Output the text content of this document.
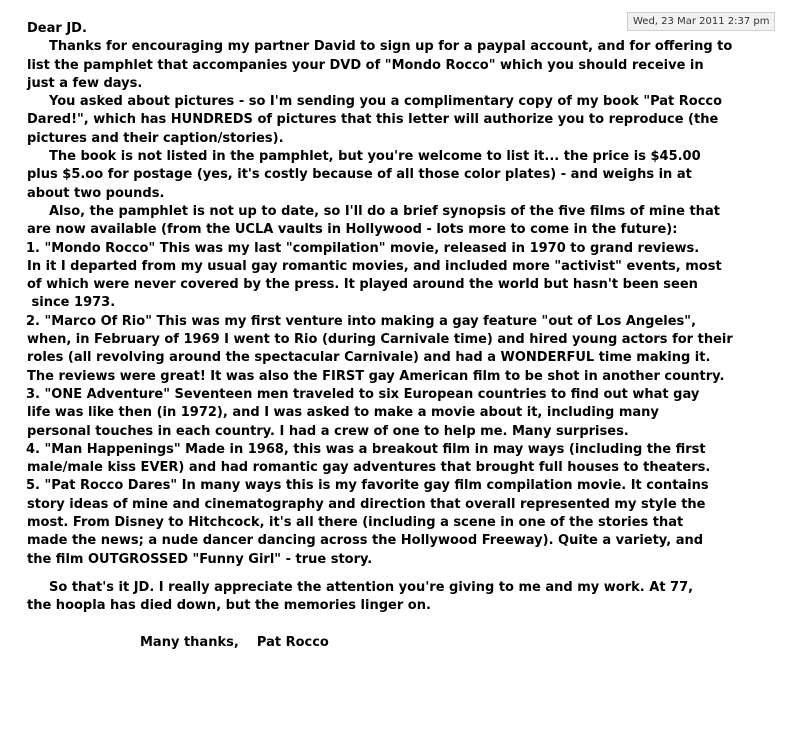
Wed, 23 Mar 2011 2:37 pm
Dear JD.
Thanks for encouraging my partner David to sign up for a paypal account, and for offering to
list the pamphlet that accompanies your DVD of "Mondo Rocco" which you should receive in
just a few days.
You asked about pictures - so I'm sending you a complimentary copy of my book "Pat Rocco
Dared!", which has HUNDREDS of pictures that this letter will authorize you to reproduce (the
pictures and their caption/stories).
The book is not listed in the pamphlet, but you're welcome to list it... the price is $45.00
plus $5.oo for postage (yes, it's costly because of all those color plates) - and weighs in at
about two pounds.
Also, the pamphlet is not up to date, so I'll do a brief synopsis of the five films of mine that
are now available (from the UCLA vaults in Hollywood - lots more to come in the future):
1. "Mondo Rocco" This was my last "compilation" movie, released in 1970 to grand reviews.
In it I departed from my usual gay romantic movies, and included more "activist" events, most
of which were never covered by the press. It played around the world but hasn't been seen
since 1973.
2. "Marco Of Rio" This was my first venture into making a gay feature "out of Los Angeles",
when, in February of 1969 I went to Rio (during Carnivale time) and hired young actors for their
roles (all revolving around the spectacular Carnivale) and had a WONDERFUL time making it.
The reviews were great! It was also the FIRST gay American film to be shot in another country.
3. "ONE Adventure" Seventeen men traveled to six European countries to find out what gay
life was like then (in 1972), and I was asked to make a movie about it, including many
personal touches in each country. I had a crew of one to help me. Many surprises.
4. "Man Happenings" Made in 1968, this was a breakout film in may ways (including the first
male/male kiss EVER) and had romantic gay adventures that brought full houses to theaters.
5. "Pat Rocco Dares" In many ways this is my favorite gay film compilation movie. It contains
story ideas of mine and cinematography and direction that overall represented my style the
most. From Disney to Hitchcock, it's all there (including a scene in one of the stories that
made the news; a nude dancer dancing across the Hollywood Freeway). Quite a variety, and
the film OUTGROSSED "Funny Girl" - true story.
So that's it JD. I really appreciate the attention you're giving to me and my work. At 77,
the hoopla has died down, but the memories linger on.
Many thanks,    Pat Rocco
